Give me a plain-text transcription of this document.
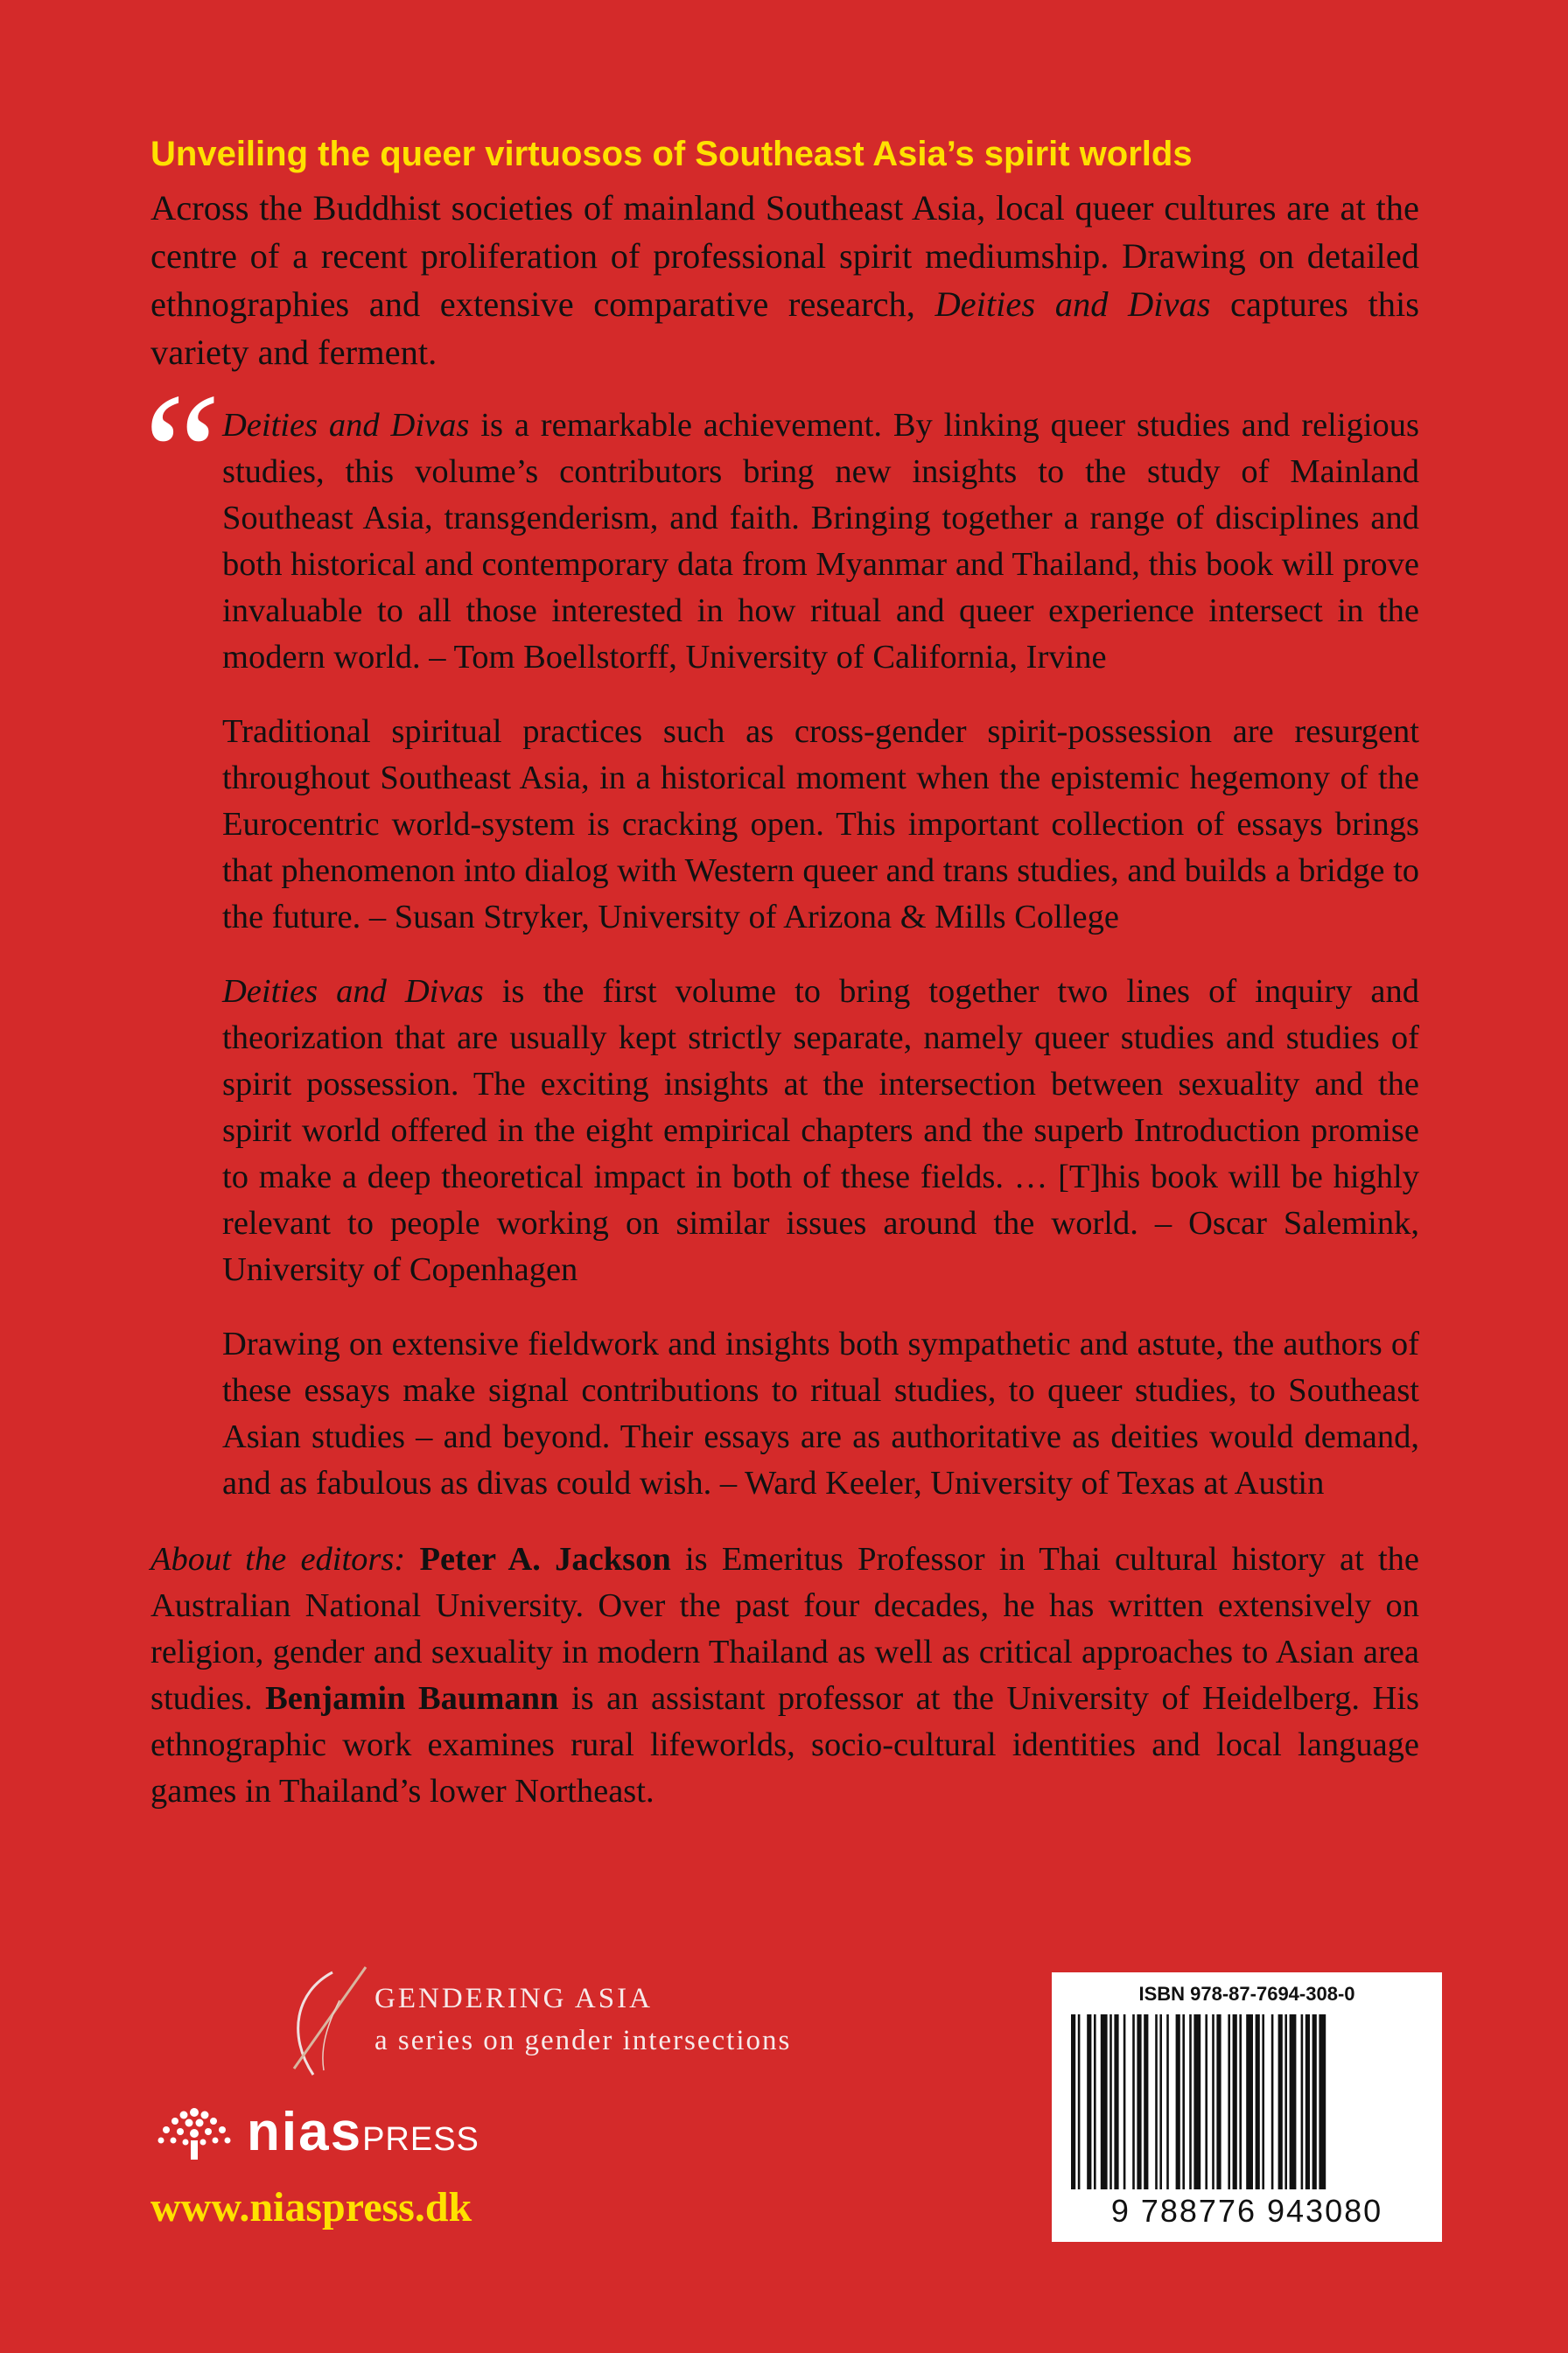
Unveiling the queer virtuosos of Southeast Asia’s spirit worlds

Across the Buddhist societies of mainland Southeast Asia, local queer cultures are at the centre of a recent proliferation of professional spirit mediumship. Drawing on detailed ethnographies and extensive comparative research, Deities and Divas captures this variety and ferment.

“

Deities and Divas is a remarkable achievement. By linking queer studies and religious studies, this volume’s contributors bring new insights to the study of Mainland Southeast Asia, transgenderism, and faith. Bringing together a range of disciplines and both historical and contemporary data from Myanmar and Thailand, this book will prove invaluable to all those interested in how ritual and queer experience intersect in the modern world. – Tom Boellstorff, University of California, Irvine

Traditional spiritual practices such as cross-gender spirit-possession are resurgent throughout Southeast Asia, in a historical moment when the epistemic hegemony of the Eurocentric world-system is cracking open. This important collection of essays brings that phenomenon into dialog with Western queer and trans studies, and builds a bridge to the future. – Susan Stryker, University of Arizona & Mills College

Deities and Divas is the first volume to bring together two lines of inquiry and theorization that are usually kept strictly separate, namely queer studies and studies of spirit possession. The exciting insights at the intersection between sexuality and the spirit world offered in the eight empirical chapters and the superb Introduction promise to make a deep theoretical impact in both of these fields. … [T]his book will be highly relevant to people working on similar issues around the world. – Oscar Salemink, University of Copenhagen

Drawing on extensive fieldwork and insights both sympathetic and astute, the authors of these essays make signal contributions to ritual studies, to queer studies, to Southeast Asian studies – and beyond. Their essays are as authoritative as deities would demand, and as fabulous as divas could wish. – Ward Keeler, University of Texas at Austin

About the editors: Peter A. Jackson is Emeritus Professor in Thai cultural history at the Australian National University. Over the past four decades, he has written extensively on religion, gender and sexuality in modern Thailand as well as critical approaches to Asian area studies. Benjamin Baumann is an assistant professor at the University of Heidelberg. His ethnographic work examines rural lifeworlds, socio-cultural identities and local language games in Thailand’s lower Northeast.

GENDERING ASIA
a series on gender intersections
niasPRESS
www.niaspress.dk
ISBN 978-87-7694-308-0
9 788776 943080
